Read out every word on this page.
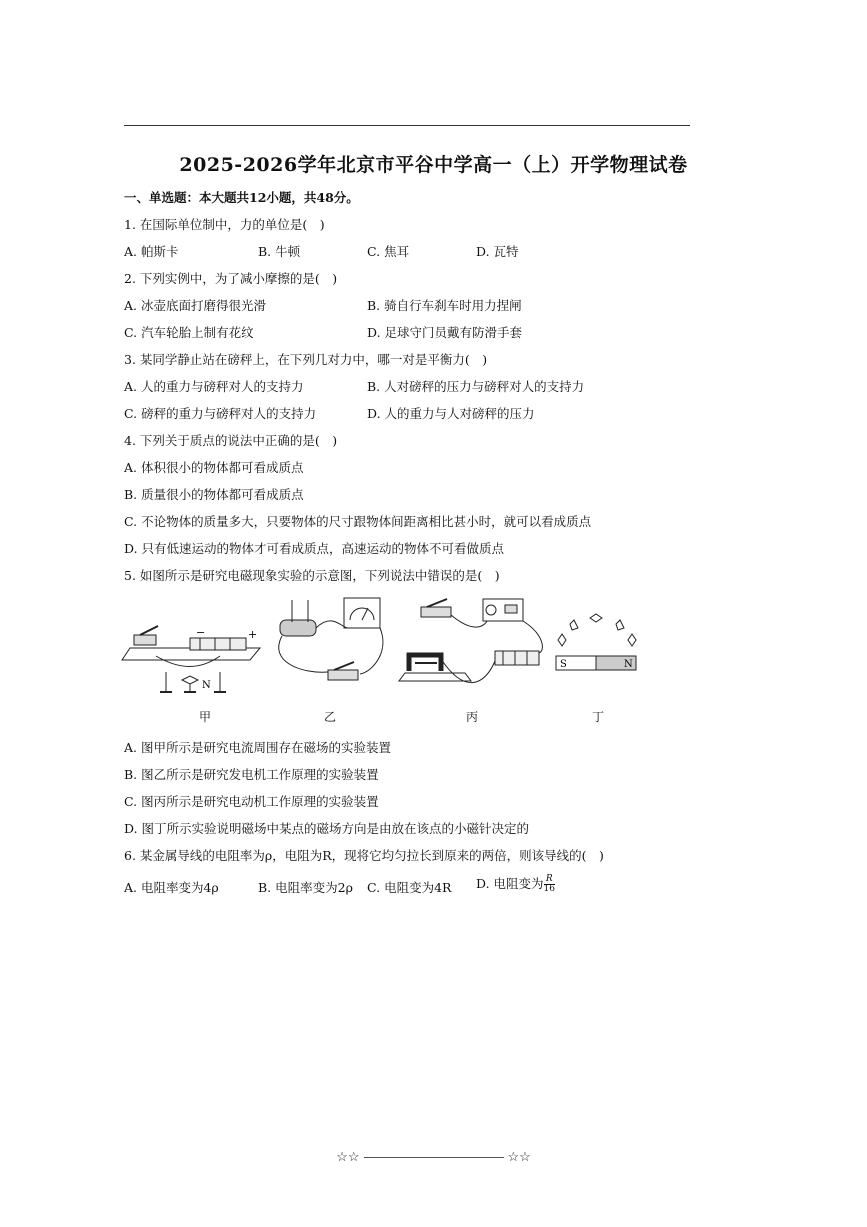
2025-2026学年北京市平谷中学高一（上）开学物理试卷
一、单选题：本大题共12小题，共48分。
1. 在国际单位制中，力的单位是(　)
A. 帕斯卡	B. 牛顿	C. 焦耳	D. 瓦特
2. 下列实例中，为了减小摩擦的是(　)
A. 冰壶底面打磨得很光滑	B. 骑自行车刹车时用力捏闸
C. 汽车轮胎上制有花纹	D. 足球守门员戴有防滑手套
3. 某同学静止站在磅秤上，在下列几对力中，哪一对是平衡力(　)
A. 人的重力与磅秤对人的支持力	B. 人对磅秤的压力与磅秤对人的支持力
C. 磅秤的重力与磅秤对人的支持力	D. 人的重力与人对磅秤的压力
4. 下列关于质点的说法中正确的是(　)
A. 体积很小的物体都可看成质点
B. 质量很小的物体都可看成质点
C. 不论物体的质量多大，只要物体的尺寸跟物体间距离相比甚小时，就可以看成质点
D. 只有低速运动的物体才可看成质点，高速运动的物体不可看做质点
5. 如图所示是研究电磁现象实验的示意图，下列说法中错误的是(　)
−	+
N
甲	乙	丙
S	N
丁
A. 图甲所示是研究电流周围存在磁场的实验装置
B. 图乙所示是研究发电机工作原理的实验装置
C. 图丙所示是研究电动机工作原理的实验装置
D. 图丁所示实验说明磁场中某点的磁场方向是由放在该点的小磁针决定的
6. 某金属导线的电阻率为ρ，电阻为R，现将它均匀拉长到原来的两倍，则该导线的(　)
A. 电阻率变为4ρ	B. 电阻率变为2ρ C. 电阻变为4R D. 电阻变为 $\frac{R}{16}$
☆☆	☆☆
